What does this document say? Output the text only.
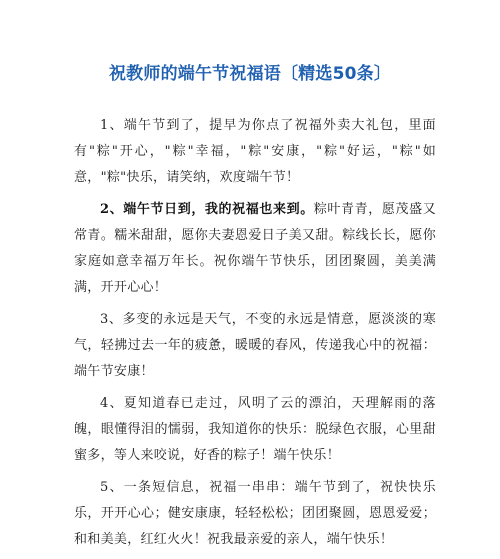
祝教师的端午节祝福语〔精选50条〕

1、端午节到了，提早为你点了祝福外卖大礼包，里面有"粽"开心，"粽"幸福，"粽"安康，"粽"好运，"粽"如意，"粽"快乐，请笑纳，欢度端午节！

2、端午节日到，我的祝福也来到。粽叶青青，愿茂盛又常青。糯米甜甜，愿你夫妻恩爱日子美又甜。粽线长长，愿你家庭如意幸福万年长。祝你端午节快乐，团团聚圆，美美满满，开开心心！

3、多变的永远是天气，不变的永远是情意，愿淡淡的寒气，轻拂过去一年的疲惫，暖暖的春风，传递我心中的祝福：端午节安康！

4、夏知道春已走过，风明了云的漂泊，天理解雨的落魄，眼懂得泪的懦弱，我知道你的快乐：脱绿色衣服，心里甜蜜多，等人来咬说，好香的粽子！端午快乐！

5、一条短信息，祝福一串串：端午节到了，祝快快乐乐，开开心心；健安康康，轻轻松松；团团聚圆，恩恩爱爱；和和美美，红红火火！祝我最亲爱的亲人，端午快乐！
